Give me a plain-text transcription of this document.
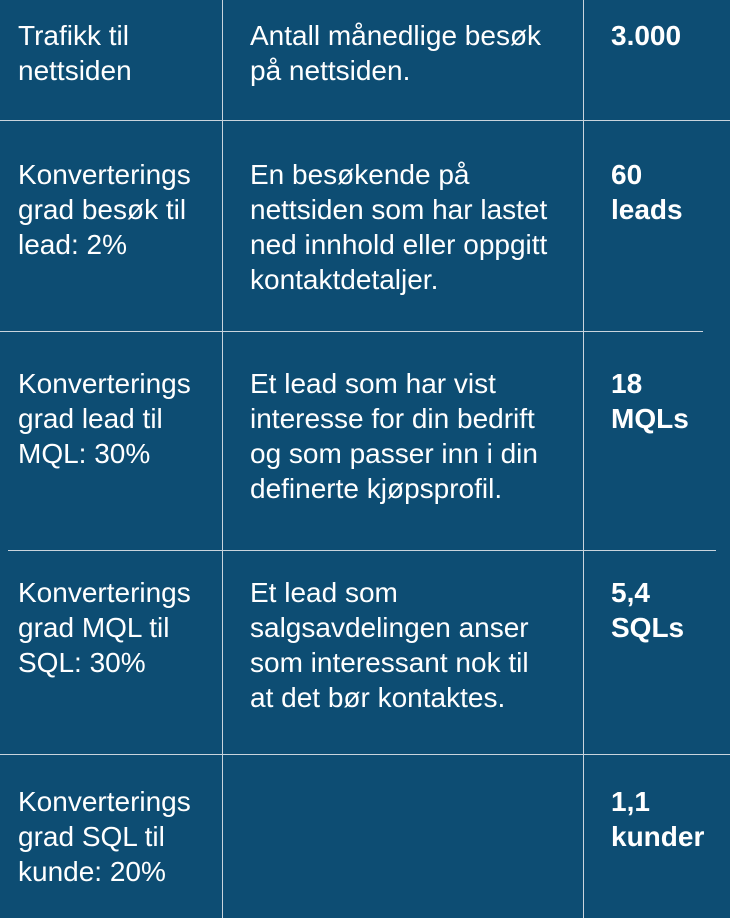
Trafikk til
nettsiden

Antall månedlige besøk
på nettsiden.

3.000

Konverterings
grad besøk til
lead: 2%

En besøkende på
nettsiden som har lastet
ned innhold eller oppgitt
kontaktdetaljer.

60
leads

Konverterings
grad lead til
MQL: 30%

Et lead som har vist
interesse for din bedrift
og som passer inn i din
definerte kjøpsprofil.

18
MQLs

Konverterings
grad MQL til
SQL: 30%

Et lead som
salgsavdelingen anser
som interessant nok til
at det bør kontaktes.

5,4
SQLs

Konverterings
grad SQL til
kunde: 20%

1,1
kunder
